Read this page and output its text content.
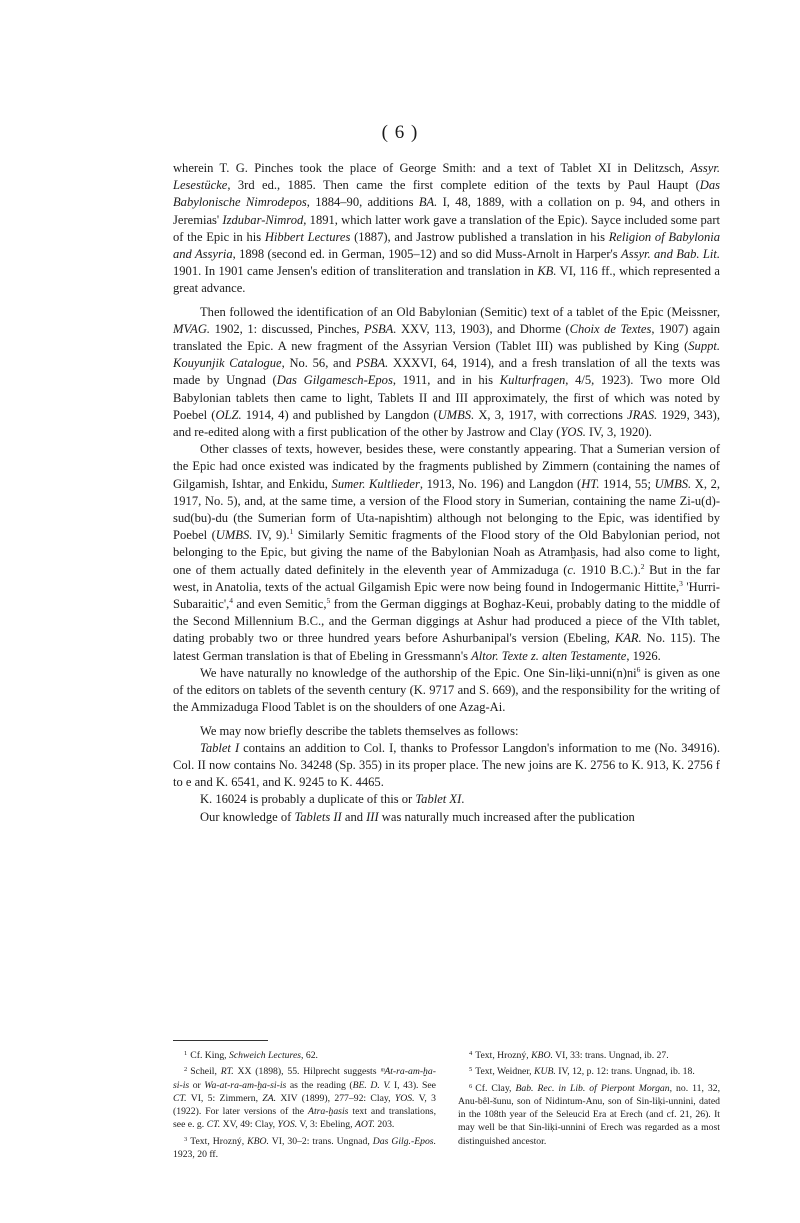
( 6 )

wherein T. G. Pinches took the place of George Smith: and a text of Tablet XI in Delitzsch, Assyr. Lesestücke, 3rd ed., 1885. Then came the first complete edition of the texts by Paul Haupt (Das Babylonische Nimrodepos, 1884–90, additions BA. I, 48, 1889, with a collation on p. 94, and others in Jeremias' Izdubar-Nimrod, 1891, which latter work gave a translation of the Epic). Sayce included some part of the Epic in his Hibbert Lectures (1887), and Jastrow published a translation in his Religion of Babylonia and Assyria, 1898 (second ed. in German, 1905–12) and so did Muss-Arnolt in Harper's Assyr. and Bab. Lit. 1901. In 1901 came Jensen's edition of transliteration and translation in KB. VI, 116 ff., which represented a great advance.

Then followed the identification of an Old Babylonian (Semitic) text of a tablet of the Epic (Meissner, MVAG. 1902, 1: discussed, Pinches, PSBA. XXV, 113, 1903), and Dhorme (Choix de Textes, 1907) again translated the Epic. A new fragment of the Assyrian Version (Tablet III) was published by King (Suppt. Kouyunjik Catalogue, No. 56, and PSBA. XXXVI, 64, 1914), and a fresh translation of all the texts was made by Ungnad (Das Gilgamesch-Epos, 1911, and in his Kulturfragen, 4/5, 1923). Two more Old Babylonian tablets then came to light, Tablets II and III approximately, the first of which was noted by Poebel (OLZ. 1914, 4) and published by Langdon (UMBS. X, 3, 1917, with corrections JRAS. 1929, 343), and re-edited along with a first publication of the other by Jastrow and Clay (YOS. IV, 3, 1920).

Other classes of texts, however, besides these, were constantly appearing. That a Sumerian version of the Epic had once existed was indicated by the fragments published by Zimmern (containing the names of Gilgamish, Ishtar, and Enkidu, Sumer. Kultlieder, 1913, No. 196) and Langdon (HT. 1914, 55; UMBS. X, 2, 1917, No. 5), and, at the same time, a version of the Flood story in Sumerian, containing the name Zi-u(d)-sud(bu)-du (the Sumerian form of Uta-napishtim) although not belonging to the Epic, was identified by Poebel (UMBS. IV, 9).$^1$ Similarly Semitic fragments of the Flood story of the Old Babylonian period, not belonging to the Epic, but giving the name of the Babylonian Noah as Atramḫasis, had also come to light, one of them actually dated definitely in the eleventh year of Ammizaduga (c. 1910 B.C.).$^2$ But in the far west, in Anatolia, texts of the actual Gilgamish Epic were now being found in Indogermanic Hittite,$^3$ 'Hurri-Subaraitic',$^4$ and even Semitic,$^5$ from the German diggings at Boghaz-Keui, probably dating to the middle of the Second Millennium B.C., and the German diggings at Ashur had produced a piece of the VIth tablet, dating probably two or three hundred years before Ashurbanipal's version (Ebeling, KAR. No. 115). The latest German translation is that of Ebeling in Gressmann's Altor. Texte z. alten Testamente, 1926.

We have naturally no knowledge of the authorship of the Epic. One Sin-$liḳi-unni(n)ni^6$ is given as one of the editors on tablets of the seventh century (K. 9717 and S. 669), and the responsibility for the writing of the Ammizaduga Flood Tablet is on the shoulders of one Azag-Ai.

We may now briefly describe the tablets themselves as follows:

Tablet I contains an addition to Col. I, thanks to Professor Langdon's information to me (No. 34916). Col. II now contains No. 34248 (Sp. 355) in its proper place. The new joins are K. 2756 to K. 913, K. 2756 f to e and K. 6541, and K. 9245 to K. 4465.

K. 16024 is probably a duplicate of this or Tablet XI.

Our knowledge of Tablets II and III was naturally much increased after the publication

$^1$ Cf. King, Schweich Lectures, 62.

$^2$ Scheil, RT. XX (1898), 55. Hilprecht suggests ᵐAt-ra-am-ḫa-si-is or Wa-at-ra-am-ḫa-si-is as the reading (BE. D. V. I, 43). See CT. VI, 5: Zimmern, ZA. XIV (1899), 277–92: Clay, YOS. V, 3 (1922). For later versions of the Atra-ḫasis text and translations, see e. g. CT. XV, 49: Clay, YOS. V, 3: Ebeling, AOT. 203.

$^3$ Text, Hrozný, KBO. VI, 30–2: trans. Ungnad, Das Gilg.-Epos. 1923, 20 ff.

$^4$ Text, Hrozný, KBO. VI, 33: trans. Ungnad, ib. 27.

$^5$ Text, Weidner, KUB. IV, 12, p. 12: trans. Ungnad, ib. 18.

$^6$ Cf. Clay, Bab. Rec. in Lib. of Pierpont Morgan, no. 11, 32, Anu-bêl-šunu, son of Nidintum-Anu, son of Sin-liḳi-unnini, dated in the 108th year of the Seleucid Era at Erech (and cf. 21, 26). It may well be that Sin-liḳi-unnini of Erech was regarded as a most distinguished ancestor.
